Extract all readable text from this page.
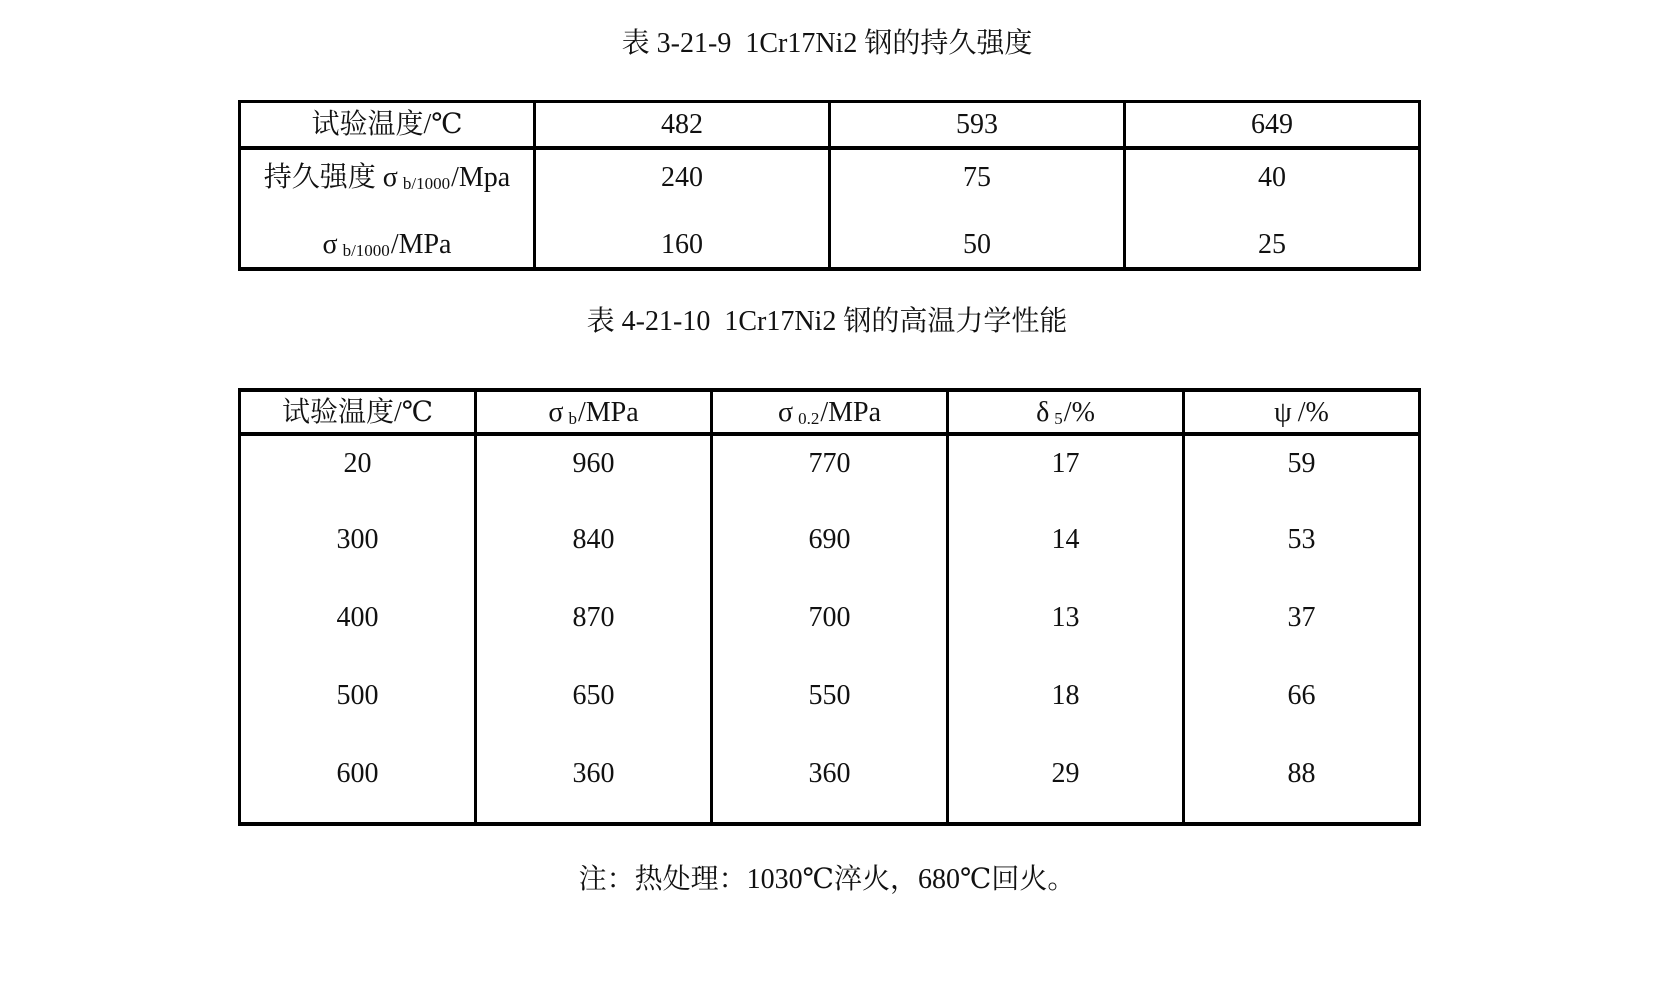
表 3-21-9  1Cr17Ni2 钢的持久强度
试验温度/℃	482	593	649
持久强度 σ b/1000/Mpa	240	75	40
σ b/1000/MPa	160	50	25
表 4-21-10  1Cr17Ni2 钢的高温力学性能
试验温度/℃	σ b/MPa	σ 0.2/MPa	δ 5/%	ψ /%
20	960	770	17	59
300	840	690	14	53
400	870	700	13	37
500	650	550	18	66
600	360	360	29	88
注：热处理：1030℃淬火，680℃回火。
